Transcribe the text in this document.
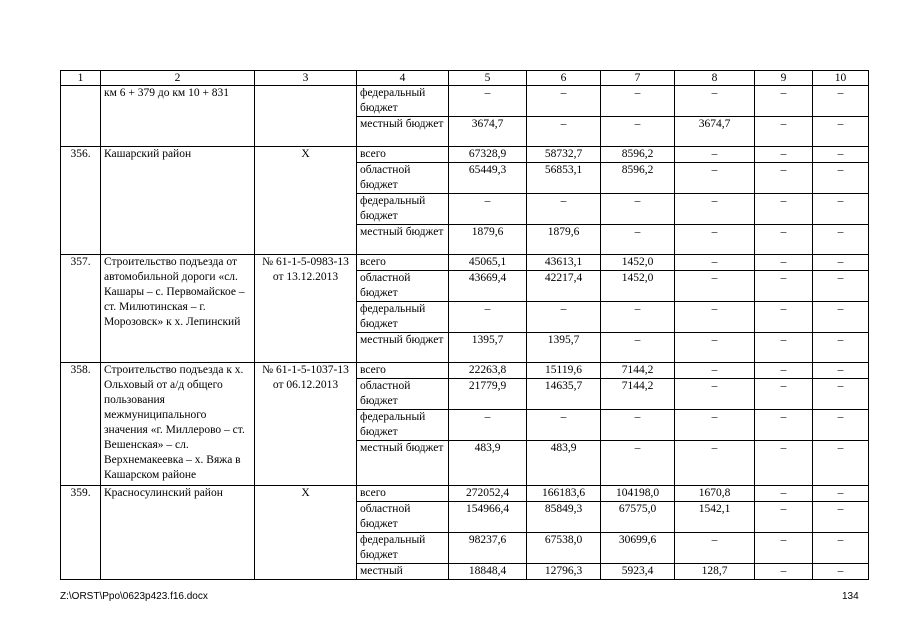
1	2	3	4	5	6	7	8	9	10
	км 6 + 379 до км 10 + 831		федеральный бюджет	–	–	–	–	–	–
			местный бюджет	3674,7	–	–	3674,7	–	–
356.	Кашарский район	Х	всего	67328,9	58732,7	8596,2	–	–	–
			областной бюджет	65449,3	56853,1	8596,2	–	–	–
			федеральный бюджет	–	–	–	–	–	–
			местный бюджет	1879,6	1879,6	–	–	–	–
357.	Строительство подъезда от автомобильной дороги «сл. Кашары – с. Первомайское – ст. Милютинская – г. Морозовск» к х. Лепинский	№ 61-1-5-0983-13 от 13.12.2013	всего	45065,1	43613,1	1452,0	–	–	–
			областной бюджет	43669,4	42217,4	1452,0	–	–	–
			федеральный бюджет	–	–	–	–	–	–
			местный бюджет	1395,7	1395,7	–	–	–	–
358.	Строительство подъезда к х. Ольховый от а/д общего пользования межмуниципального значения «г. Миллерово – ст. Вешенская» – сл. Верхнемакеевка – х. Вяжа в Кашарском районе	№ 61-1-5-1037-13 от 06.12.2013	всего	22263,8	15119,6	7144,2	–	–	–
			областной бюджет	21779,9	14635,7	7144,2	–	–	–
			федеральный бюджет	–	–	–	–	–	–
			местный бюджет	483,9	483,9	–	–	–	–
359.	Красносулинский район	Х	всего	272052,4	166183,6	104198,0	1670,8	–	–
			областной бюджет	154966,4	85849,3	67575,0	1542,1	–	–
			федеральный бюджет	98237,6	67538,0	30699,6	–	–	–
			местный	18848,4	12796,3	5923,4	128,7	–	–
Z:\ORST\Ppo\0623p423.f16.docx	134
